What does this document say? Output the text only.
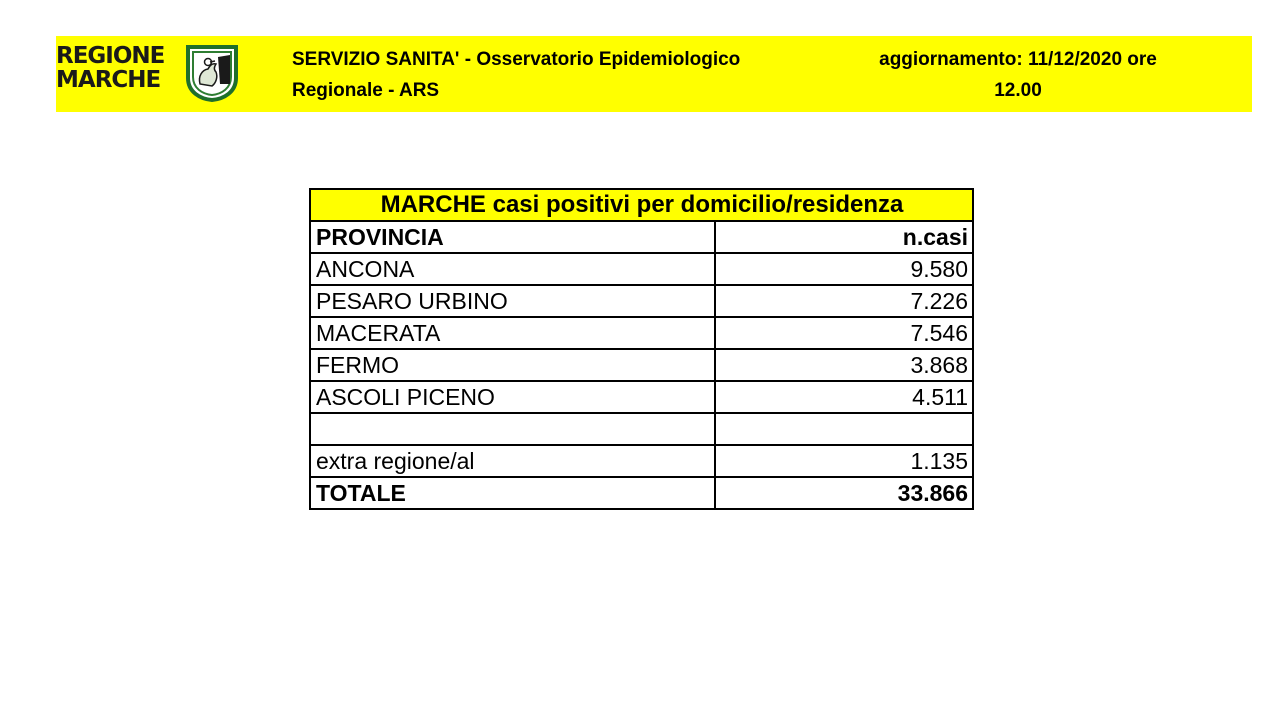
REGIONE
MARCHE
SERVIZIO SANITA' - Osservatorio Epidemiologico
Regionale - ARS
aggiornamento: 11/12/2020 ore
12.00
MARCHE casi positivi per domicilio/residenza	
PROVINCIA	n.casi
ANCONA	9.580
PESARO URBINO	7.226
MACERATA	7.546
FERMO	3.868
ASCOLI PICENO	4.511

extra regione/al	1.135
TOTALE	33.866
